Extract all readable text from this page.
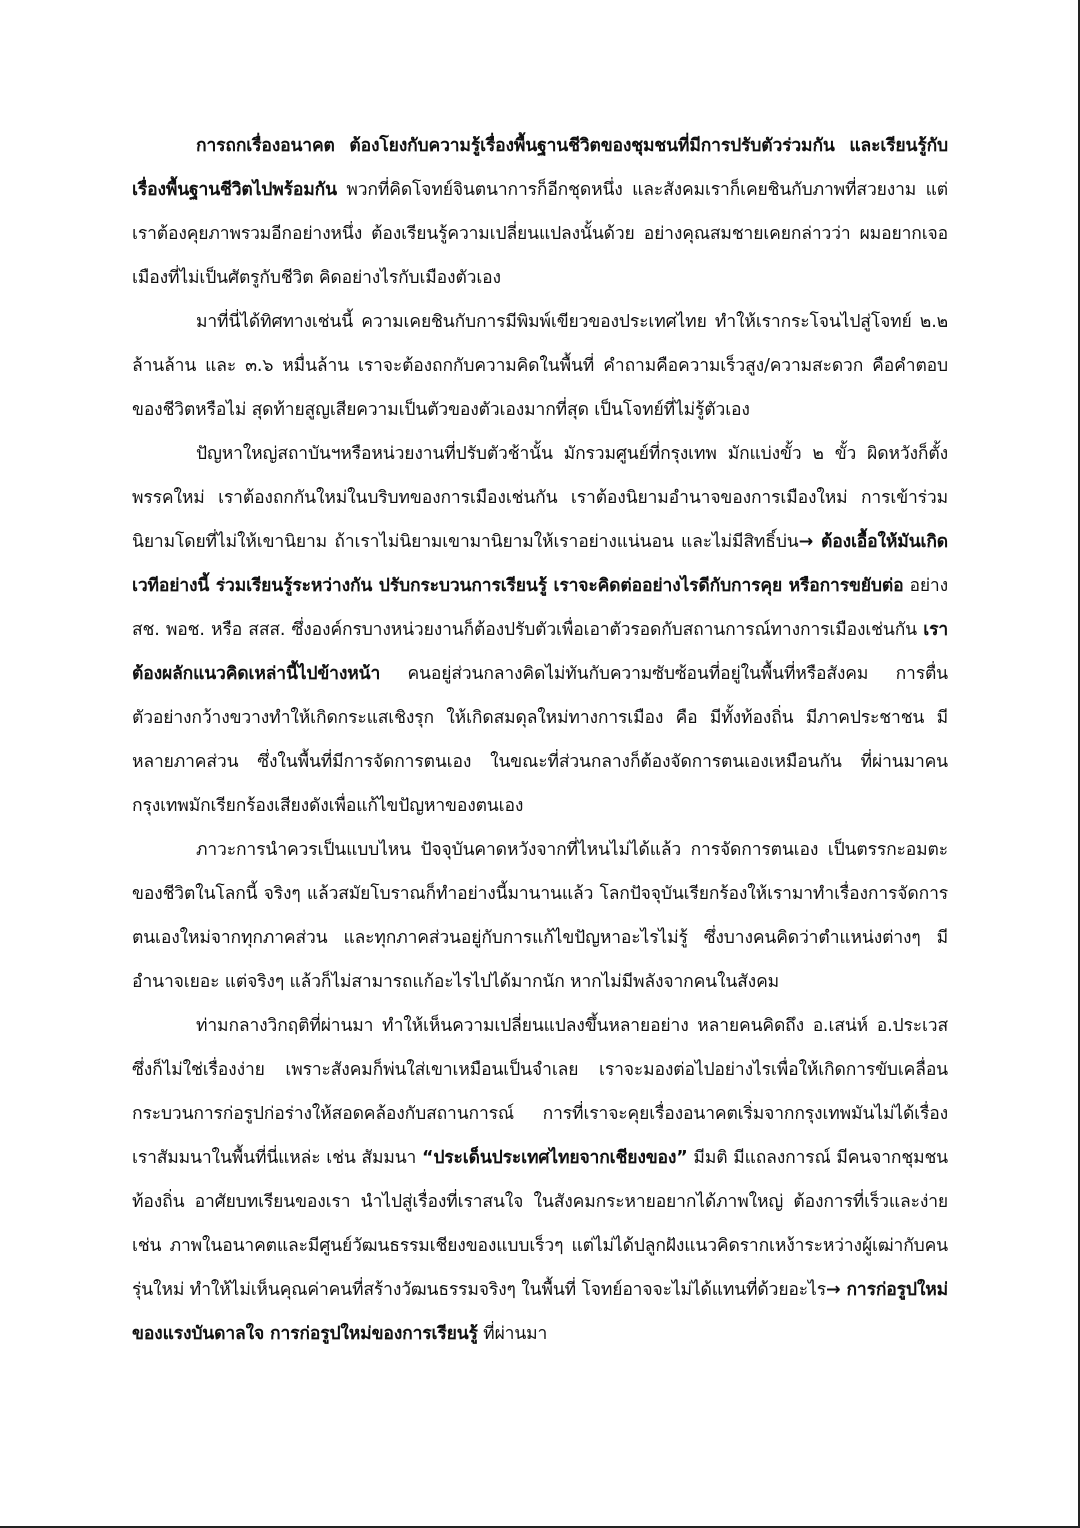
การถกเรื่องอนาคต ต้องโยงกับความรู้เรื่องพื้นฐานชีวิตของชุมชนที่มีการปรับตัวร่วมกัน และเรียนรู้กับเรื่องพื้นฐานชีวิตไปพร้อมกัน พวกที่คิดโจทย์จินตนาการก็อีกชุดหนึ่ง และสังคมเราก็เคยชินกับภาพที่สวยงาม แต่เราต้องคุยภาพรวมอีกอย่างหนึ่ง ต้องเรียนรู้ความเปลี่ยนแปลงนั้นด้วย อย่างคุณสมชายเคยกล่าวว่า ผมอยากเจอเมืองที่ไม่เป็นศัตรูกับชีวิต คิดอย่างไรกับเมืองตัวเอง

มาที่นี่ได้ทิศทางเช่นนี้ ความเคยชินกับการมีพิมพ์เขียวของประเทศไทย ทำให้เรากระโจนไปสู่โจทย์ ๒.๒ ล้านล้าน และ ๓.๖ หมื่นล้าน เราจะต้องถกกับความคิดในพื้นที่ คำถามคือความเร็วสูง/ความสะดวก คือคำตอบของชีวิตหรือไม่ สุดท้ายสูญเสียความเป็นตัวของตัวเองมากที่สุด เป็นโจทย์ที่ไม่รู้ตัวเอง

ปัญหาใหญ่สถาบันฯหรือหน่วยงานที่ปรับตัวช้านั้น มักรวมศูนย์ที่กรุงเทพ มักแบ่งขั้ว ๒ ขั้ว ผิดหวังก็ตั้งพรรคใหม่ เราต้องถกกันใหม่ในบริบทของการเมืองเช่นกัน เราต้องนิยามอำนาจของการเมืองใหม่ การเข้าร่วมนิยามโดยที่ไม่ให้เขานิยาม ถ้าเราไม่นิยามเขามานิยามให้เราอย่างแน่นอน และไม่มีสิทธิ์บ่น→ ต้องเอื้อให้มันเกิดเวทีอย่างนี้ ร่วมเรียนรู้ระหว่างกัน ปรับกระบวนการเรียนรู้ เราจะคิดต่ออย่างไรดีกับการคุย หรือการขยับต่อ อย่าง สช. พอช. หรือ สสส. ซึ่งองค์กรบางหน่วยงานก็ต้องปรับตัวเพื่อเอาตัวรอดกับสถานการณ์ทางการเมืองเช่นกัน เราต้องผลักแนวคิดเหล่านี้ไปข้างหน้า คนอยู่ส่วนกลางคิดไม่ทันกับความซับซ้อนที่อยู่ในพื้นที่หรือสังคม การตื่นตัวอย่างกว้างขวางทำให้เกิดกระแสเชิงรุก ให้เกิดสมดุลใหม่ทางการเมือง คือ มีทั้งท้องถิ่น มีภาคประชาชน มีหลายภาคส่วน ซึ่งในพื้นที่มีการจัดการตนเอง ในขณะที่ส่วนกลางก็ต้องจัดการตนเองเหมือนกัน ที่ผ่านมาคนกรุงเทพมักเรียกร้องเสียงดังเพื่อแก้ไขปัญหาของตนเอง

ภาวะการนำควรเป็นแบบไหน ปัจจุบันคาดหวังจากที่ไหนไม่ได้แล้ว การจัดการตนเอง เป็นตรรกะอมตะของชีวิตในโลกนี้ จริงๆ แล้วสมัยโบราณก็ทำอย่างนี้มานานแล้ว โลกปัจจุบันเรียกร้องให้เรามาทำเรื่องการจัดการตนเองใหม่จากทุกภาคส่วน และทุกภาคส่วนอยู่กับการแก้ไขปัญหาอะไรไม่รู้ ซึ่งบางคนคิดว่าตำแหน่งต่างๆ มีอำนาจเยอะ แต่จริงๆ แล้วก็ไม่สามารถแก้อะไรไปได้มากนัก หากไม่มีพลังจากคนในสังคม

ท่ามกลางวิกฤติที่ผ่านมา ทำให้เห็นความเปลี่ยนแปลงขึ้นหลายอย่าง หลายคนคิดถึง อ.เสน่ห์ อ.ประเวส ซึ่งก็ไม่ใช่เรื่องง่าย เพราะสังคมก็พ่นใส่เขาเหมือนเป็นจำเลย เราจะมองต่อไปอย่างไรเพื่อให้เกิดการขับเคลื่อนกระบวนการก่อรูปก่อร่างให้สอดคล้องกับสถานการณ์ การที่เราจะคุยเรื่องอนาคตเริ่มจากกรุงเทพมันไม่ได้เรื่อง เราสัมมนาในพื้นที่นี่แหล่ะ เช่น สัมมนา “ประเด็นประเทศไทยจากเชียงของ” มีมติ มีแถลงการณ์ มีคนจากชุมชนท้องถิ่น อาศัยบทเรียนของเรา นำไปสู่เรื่องที่เราสนใจ ในสังคมกระหายอยากได้ภาพใหญ่ ต้องการที่เร็วและง่าย เช่น ภาพในอนาคตและมีศูนย์วัฒนธรรมเชียงของแบบเร็วๆ แต่ไม่ได้ปลูกฝังแนวคิดรากเหง้าระหว่างผู้เฒ่ากับคนรุ่นใหม่ ทำให้ไม่เห็นคุณค่าคนที่สร้างวัฒนธรรมจริงๆ ในพื้นที่ โจทย์อาจจะไม่ได้แทนที่ด้วยอะไร→ การก่อรูปใหม่ของแรงบันดาลใจ การก่อรูปใหม่ของการเรียนรู้ ที่ผ่านมา
